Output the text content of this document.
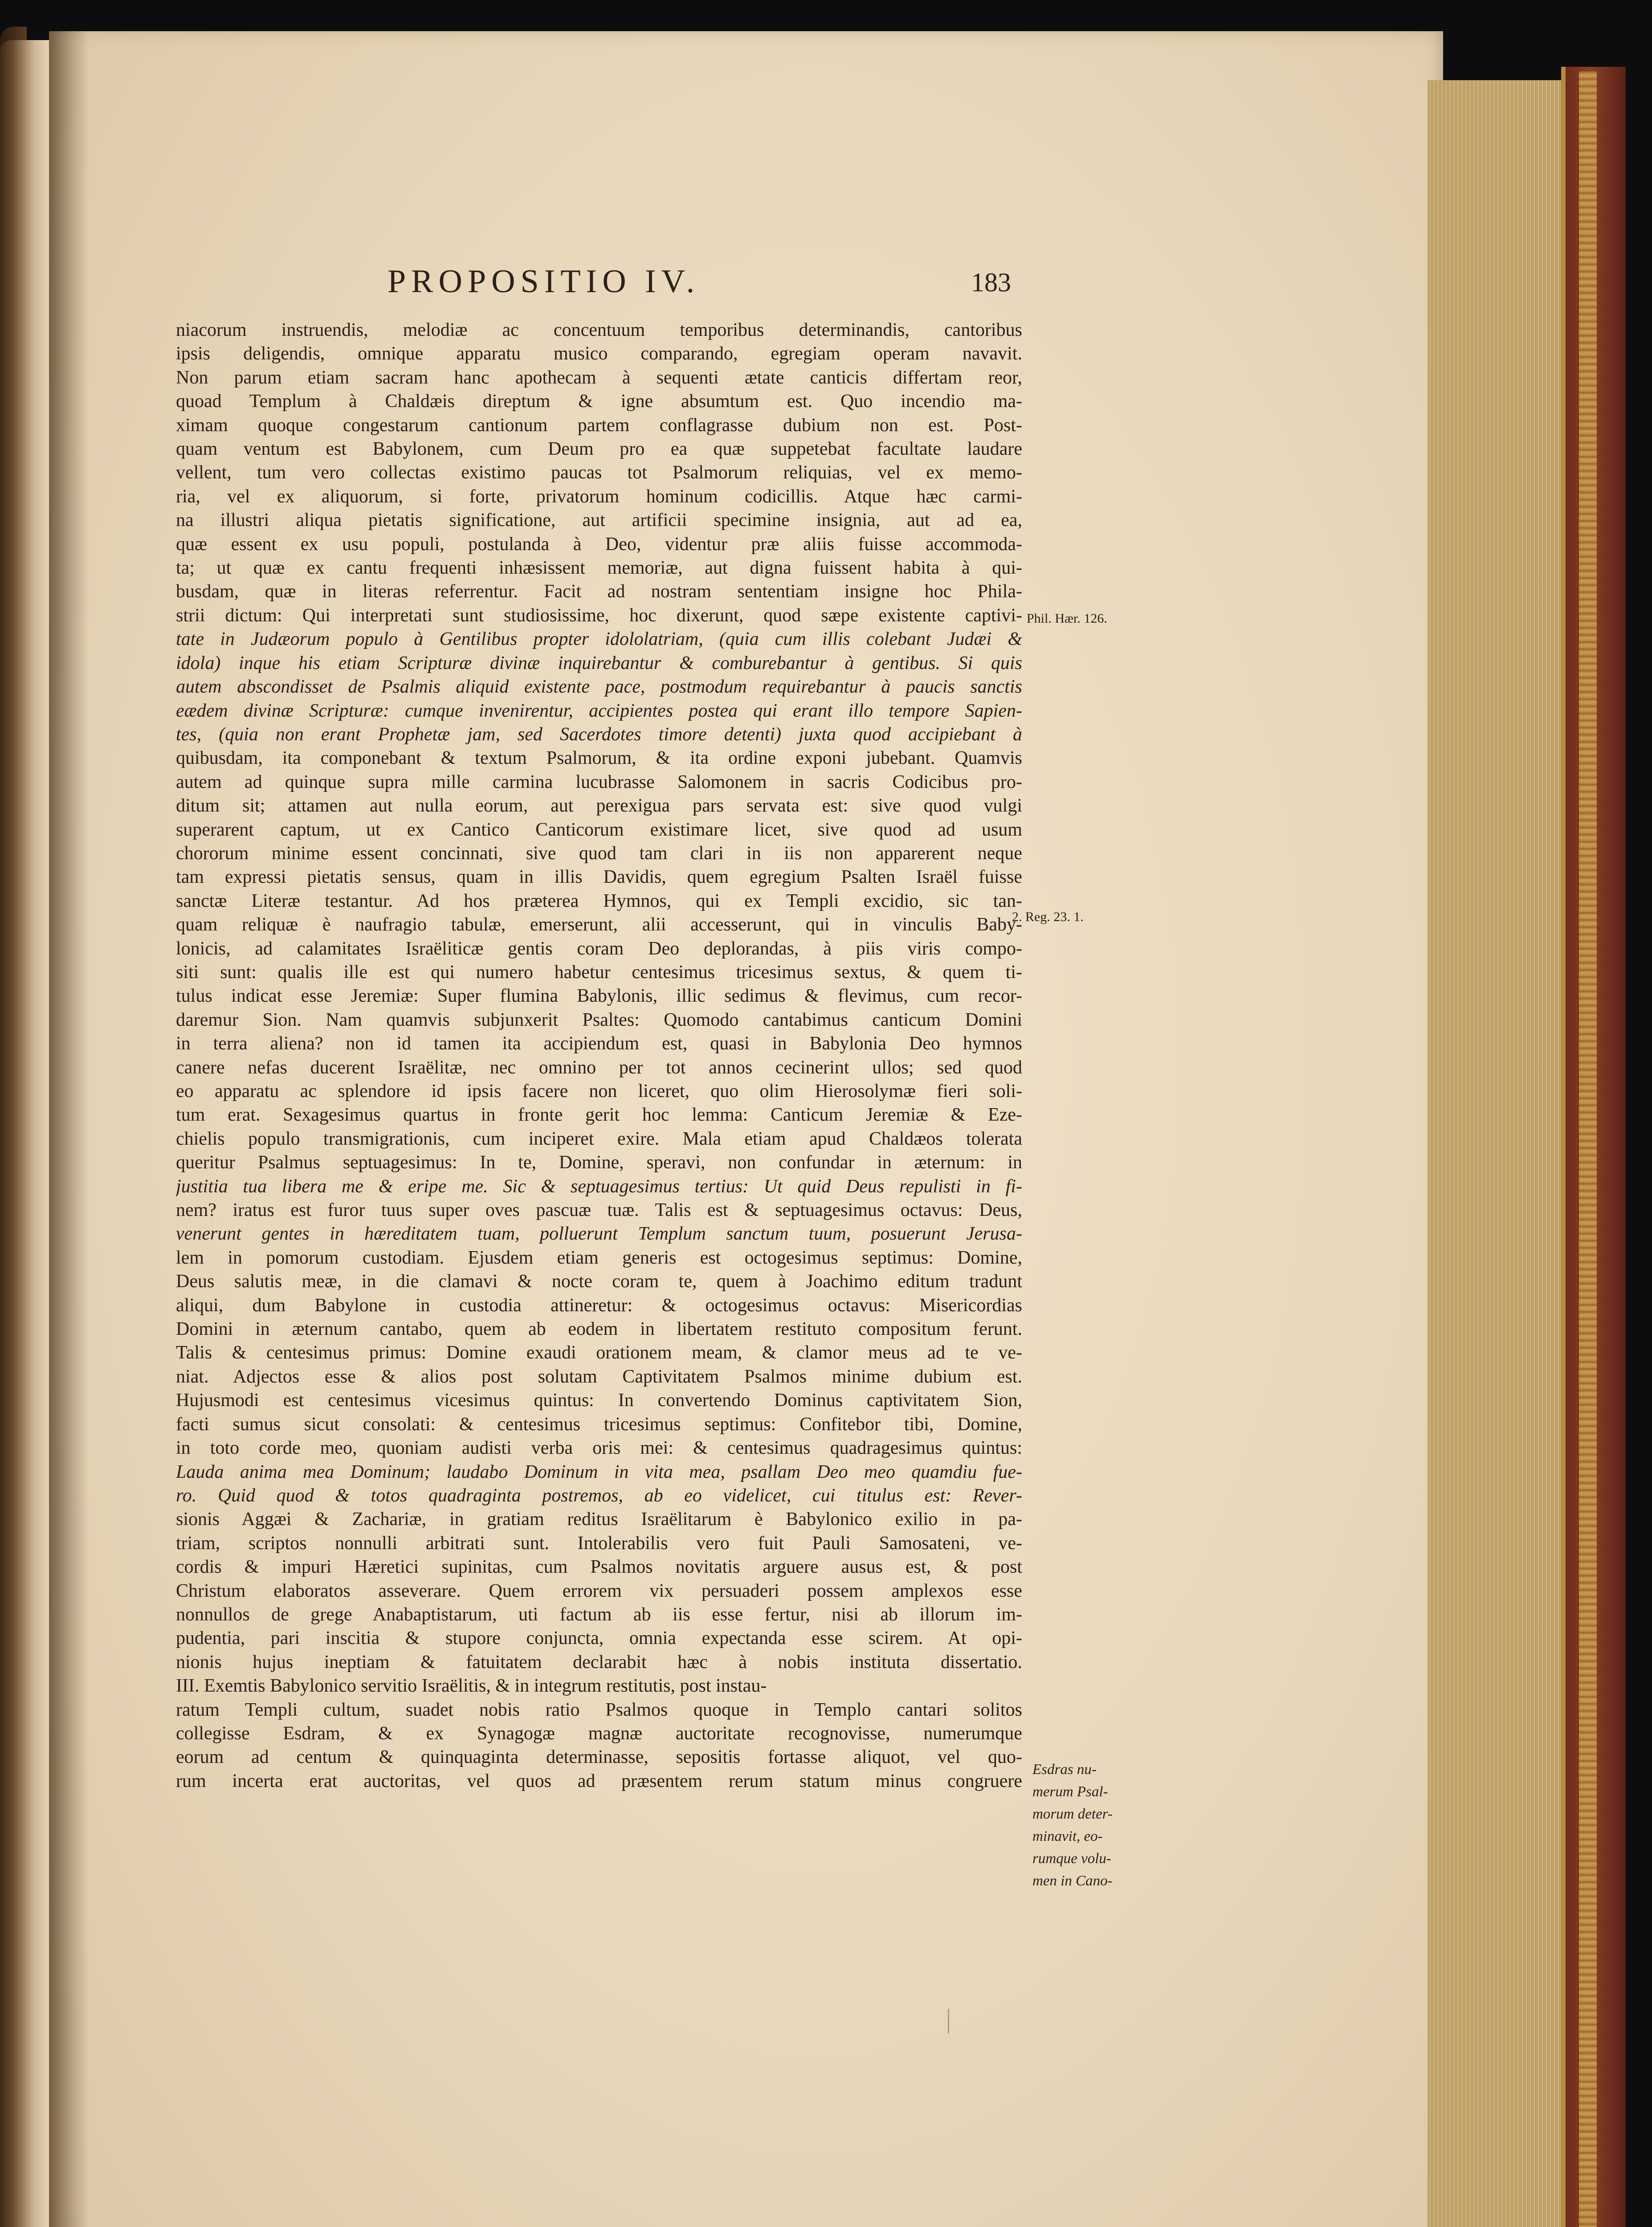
PROPOSITIO IV.	183
niacorum instruendis, melodiæ ac concentuum temporibus determinandis, cantoribus
ipsis deligendis, omnique apparatu musico comparando, egregiam operam navavit.
Non parum etiam sacram hanc apothecam à sequenti ætate canticis differtam reor,
quoad Templum à Chaldæis direptum & igne absumtum est. Quo incendio ma-
ximam quoque congestarum cantionum partem conflagrasse dubium non est. Post-
quam ventum est Babylonem, cum Deum pro ea quæ suppetebat facultate laudare
vellent, tum vero collectas existimo paucas tot Psalmorum reliquias, vel ex memo-
ria, vel ex aliquorum, si forte, privatorum hominum codicillis. Atque hæc carmi-
na illustri aliqua pietatis significatione, aut artificii specimine insignia, aut ad ea,
quæ essent ex usu populi, postulanda à Deo, videntur præ aliis fuisse accommoda-
ta; ut quæ ex cantu frequenti inhæsissent memoriæ, aut digna fuissent habita à qui-
busdam, quæ in literas referrentur. Facit ad nostram sententiam insigne hoc Phila-
strii dictum: Qui interpretati sunt studiosissime, hoc dixerunt, quod sæpe existente captivi-
tate in Judæorum populo à Gentilibus propter idololatriam, (quia cum illis colebant Judæi &
idola) inque his etiam Scripturæ divinæ inquirebantur & comburebantur à gentibus. Si quis
autem abscondisset de Psalmis aliquid existente pace, postmodum requirebantur à paucis sanctis
eædem divinæ Scripturæ: cumque invenirentur, accipientes postea qui erant illo tempore Sapien-
tes, (quia non erant Prophetæ jam, sed Sacerdotes timore detenti) juxta quod accipiebant à
quibusdam, ita componebant & textum Psalmorum, & ita ordine exponi jubebant. Quamvis
autem ad quinque supra mille carmina lucubrasse Salomonem in sacris Codicibus pro-
ditum sit; attamen aut nulla eorum, aut perexigua pars servata est: sive quod vulgi
superarent captum, ut ex Cantico Canticorum existimare licet, sive quod ad usum
chororum minime essent concinnati, sive quod tam clari in iis non apparerent neque
tam expressi pietatis sensus, quam in illis Davidis, quem egregium Psalten Israël fuisse
sanctæ Literæ testantur. Ad hos præterea Hymnos, qui ex Templi excidio, sic tan-
quam reliquæ è naufragio tabulæ, emerserunt, alii accesserunt, qui in vinculis Baby-
lonicis, ad calamitates Israëliticæ gentis coram Deo deplorandas, à piis viris compo-
siti sunt: qualis ille est qui numero habetur centesimus tricesimus sextus, & quem ti-
tulus indicat esse Jeremiæ: Super flumina Babylonis, illic sedimus & flevimus, cum recor-
daremur Sion. Nam quamvis subjunxerit Psaltes: Quomodo cantabimus canticum Domini
in terra aliena? non id tamen ita accipiendum est, quasi in Babylonia Deo hymnos
canere nefas ducerent Israëlitæ, nec omnino per tot annos cecinerint ullos; sed quod
eo apparatu ac splendore id ipsis facere non liceret, quo olim Hierosolymæ fieri soli-
tum erat. Sexagesimus quartus in fronte gerit hoc lemma: Canticum Jeremiæ & Eze-
chielis populo transmigrationis, cum inciperet exire. Mala etiam apud Chaldæos tolerata
queritur Psalmus septuagesimus: In te, Domine, speravi, non confundar in æternum: in
justitia tua libera me & eripe me. Sic & septuagesimus tertius: Ut quid Deus repulisti in fi-
nem? iratus est furor tuus super oves pascuæ tuæ. Talis est & septuagesimus octavus: Deus,
venerunt gentes in hæreditatem tuam, polluerunt Templum sanctum tuum, posuerunt Jerusa-
lem in pomorum custodiam. Ejusdem etiam generis est octogesimus septimus: Domine,
Deus salutis meæ, in die clamavi & nocte coram te, quem à Joachimo editum tradunt
aliqui, dum Babylone in custodia attineretur: & octogesimus octavus: Misericordias
Domini in æternum cantabo, quem ab eodem in libertatem restituto compositum ferunt.
Talis & centesimus primus: Domine exaudi orationem meam, & clamor meus ad te ve-
niat. Adjectos esse & alios post solutam Captivitatem Psalmos minime dubium est.
Hujusmodi est centesimus vicesimus quintus: In convertendo Dominus captivitatem Sion,
facti sumus sicut consolati: & centesimus tricesimus septimus: Confitebor tibi, Domine,
in toto corde meo, quoniam audisti verba oris mei: & centesimus quadragesimus quintus:
Lauda anima mea Dominum; laudabo Dominum in vita mea, psallam Deo meo quamdiu fue-
ro. Quid quod & totos quadraginta postremos, ab eo videlicet, cui titulus est: Rever-
sionis Aggæi & Zachariæ, in gratiam reditus Israëlitarum è Babylonico exilio in pa-
triam, scriptos nonnulli arbitrati sunt. Intolerabilis vero fuit Pauli Samosateni, ve-
cordis & impuri Hæretici supinitas, cum Psalmos novitatis arguere ausus est, & post
Christum elaboratos asseverare. Quem errorem vix persuaderi possem amplexos esse
nonnullos de grege Anabaptistarum, uti factum ab iis esse fertur, nisi ab illorum im-
pudentia, pari inscitia & stupore conjuncta, omnia expectanda esse scirem. At opi-
nionis hujus ineptiam & fatuitatem declarabit hæc à nobis instituta dissertatio.
III. Exemtis Babylonico servitio Israëlitis, & in integrum restitutis, post instau-
ratum Templi cultum, suadet nobis ratio Psalmos quoque in Templo cantari solitos
collegisse Esdram, & ex Synagogæ magnæ auctoritate recognovisse, numerumque
eorum ad centum & quinquaginta determinasse, sepositis fortasse aliquot, vel quo-
rum incerta erat auctoritas, vel quos ad præsentem rerum statum minus congruere
Phil. Hær. 126.
2. Reg. 23. 1.
Esdras nu-
merum Psal-
morum deter-
minavit, eo-
rumque volu-
men in Cano-
